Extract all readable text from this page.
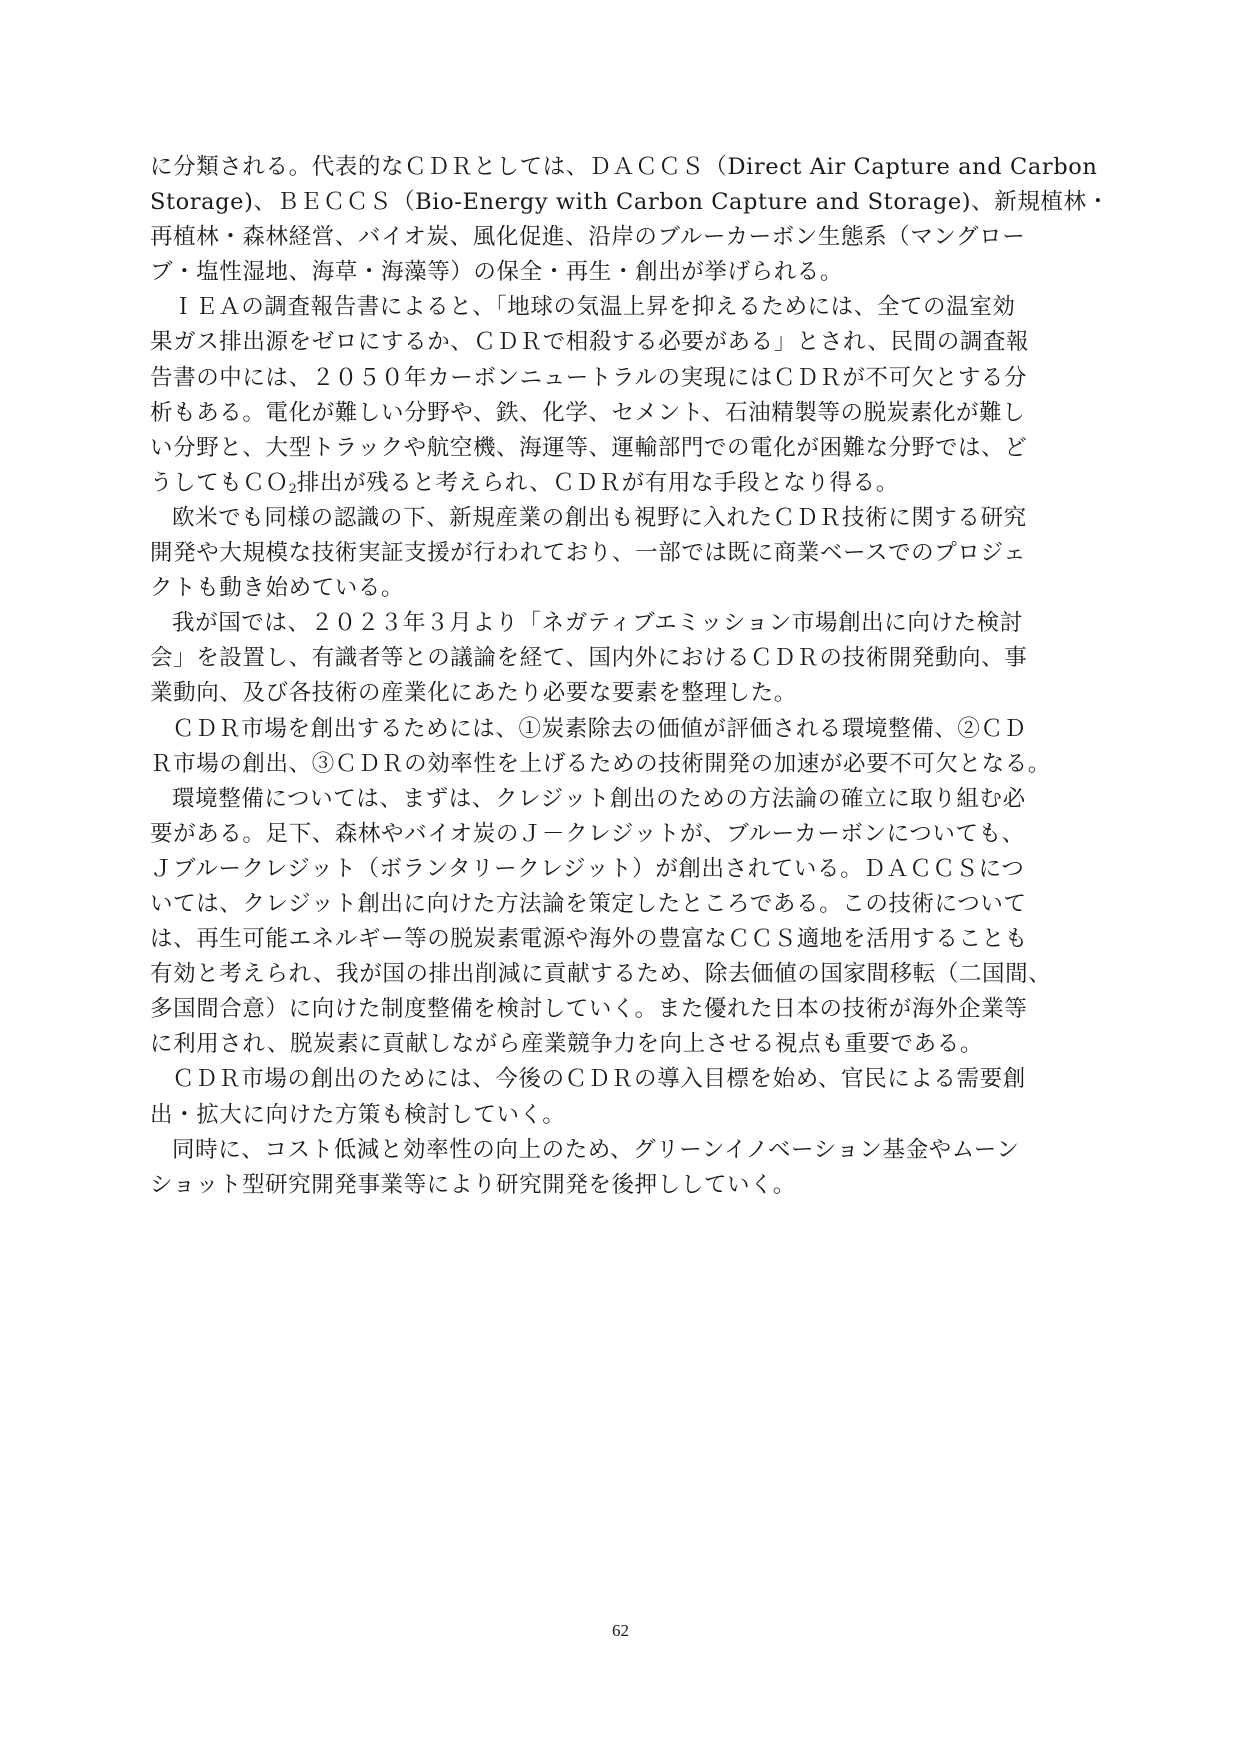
に分類される。代表的なＣＤＲとしては、ＤＡＣＣＳ（Direct Air Capture and Carbon
Storage)、ＢＥＣＣＳ（Bio-Energy with Carbon Capture and Storage)、新規植林・
再植林・森林経営、バイオ炭、風化促進、沿岸のブルーカーボン生態系（マングロー
ブ・塩性湿地、海草・海藻等）の保全・再生・創出が挙げられる。
ＩＥＡの調査報告書によると、「地球の気温上昇を抑えるためには、全ての温室効
果ガス排出源をゼロにするか、ＣＤＲで相殺する必要がある」とされ、民間の調査報
告書の中には、２０５０年カーボンニュートラルの実現にはＣＤＲが不可欠とする分
析もある。電化が難しい分野や、鉄、化学、セメント、石油精製等の脱炭素化が難し
い分野と、大型トラックや航空機、海運等、運輸部門での電化が困難な分野では、ど
うしてもＣＯ$_2$排出が残ると考えられ、ＣＤＲが有用な手段となり得る。
欧米でも同様の認識の下、新規産業の創出も視野に入れたＣＤＲ技術に関する研究
開発や大規模な技術実証支援が行われており、一部では既に商業ベースでのプロジェ
クトも動き始めている。
我が国では、２０２３年３月より「ネガティブエミッション市場創出に向けた検討
会」を設置し、有識者等との議論を経て、国内外におけるＣＤＲの技術開発動向、事
業動向、及び各技術の産業化にあたり必要な要素を整理した。
ＣＤＲ市場を創出するためには、①炭素除去の価値が評価される環境整備、②ＣＤ
Ｒ市場の創出、③ＣＤＲの効率性を上げるための技術開発の加速が必要不可欠となる。
環境整備については、まずは、クレジット創出のための方法論の確立に取り組む必
要がある。足下、森林やバイオ炭のＪ－クレジットが、ブルーカーボンについても、
Ｊブルークレジット（ボランタリークレジット）が創出されている。ＤＡＣＣＳにつ
いては、クレジット創出に向けた方法論を策定したところである。この技術について
は、再生可能エネルギー等の脱炭素電源や海外の豊富なＣＣＳ適地を活用することも
有効と考えられ、我が国の排出削減に貢献するため、除去価値の国家間移転（二国間、
多国間合意）に向けた制度整備を検討していく。また優れた日本の技術が海外企業等
に利用され、脱炭素に貢献しながら産業競争力を向上させる視点も重要である。
ＣＤＲ市場の創出のためには、今後のＣＤＲの導入目標を始め、官民による需要創
出・拡大に向けた方策も検討していく。
同時に、コスト低減と効率性の向上のため、グリーンイノベーション基金やムーン
ショット型研究開発事業等により研究開発を後押ししていく。
62
